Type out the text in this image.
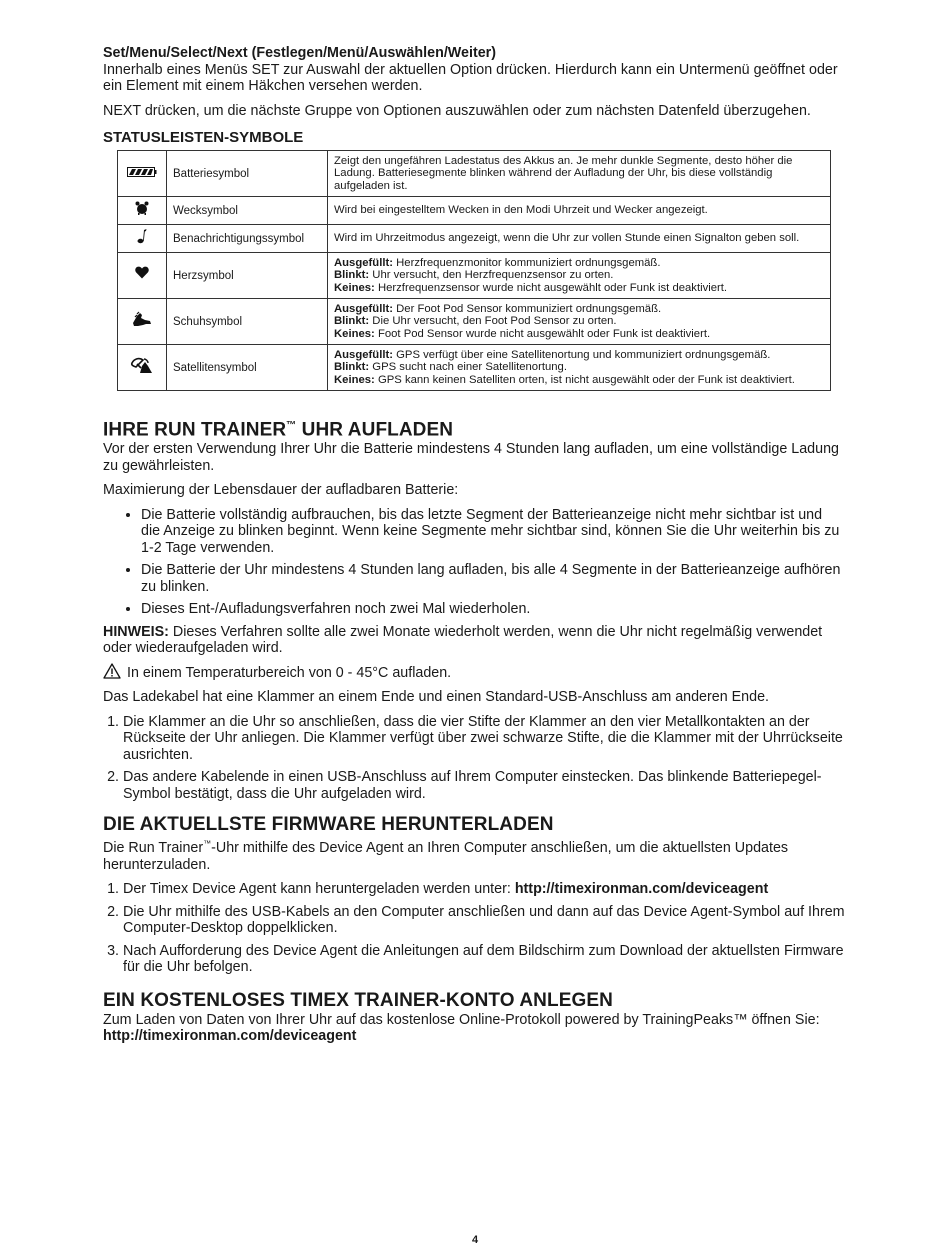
Set/Menu/Select/Next (Festlegen/Menü/Auswählen/Weiter)

Innerhalb eines Menüs SET zur Auswahl der aktuellen Option drücken. Hierdurch kann ein Untermenü geöffnet oder ein Element mit einem Häkchen versehen werden.

NEXT drücken, um die nächste Gruppe von Optionen auszuwählen oder zum nächsten Datenfeld überzugehen.

STATUSLEISTEN-SYMBOLE
	Batteriesymbol	Zeigt den ungefähren Ladestatus des Akkus an. Je mehr dunkle Segmente, desto höher die Ladung. Batteriesegmente blinken während der Aufladung der Uhr, bis diese vollständig aufgeladen ist.
	Wecksymbol	Wird bei eingestelltem Wecken in den Modi Uhrzeit und Wecker angezeigt.
	Benachrichtigungssymbol	Wird im Uhrzeitmodus angezeigt, wenn die Uhr zur vollen Stunde einen Signalton geben soll.
	Herzsymbol	Ausgefüllt: Herzfrequenzmonitor kommuniziert ordnungsgemäß.
Blinkt: Uhr versucht, den Herzfrequenzsensor zu orten.
Keines: Herzfrequenzsensor wurde nicht ausgewählt oder Funk ist deaktiviert.

	Schuhsymbol	Ausgefüllt: Der Foot Pod Sensor kommuniziert ordnungsgemäß.
Blinkt: Die Uhr versucht, den Foot Pod Sensor zu orten.
Keines: Foot Pod Sensor wurde nicht ausgewählt oder Funk ist deaktiviert.

	Satellitensymbol	Ausgefüllt: GPS verfügt über eine Satellitenortung und kommuniziert ordnungsgemäß.
Blinkt: GPS sucht nach einer Satellitenortung.
Keines: GPS kann keinen Satelliten orten, ist nicht ausgewählt oder der Funk ist deaktiviert.
IHRE RUN TRAINER™ UHR AUFLADEN

Vor der ersten Verwendung Ihrer Uhr die Batterie mindestens 4 Stunden lang aufladen, um eine vollständige Ladung zu gewährleisten.

Maximierung der Lebensdauer der aufladbaren Batterie:

• Die Batterie vollständig aufbrauchen, bis das letzte Segment der Batterieanzeige nicht mehr sichtbar ist und die Anzeige zu blinken beginnt. Wenn keine Segmente mehr sichtbar sind, können Sie die Uhr weiterhin bis zu 1-2 Tage verwenden.
• Die Batterie der Uhr mindestens 4 Stunden lang aufladen, bis alle 4 Segmente in der Batterieanzeige aufhören zu blinken.
• Dieses Ent-/Aufladungsverfahren noch zwei Mal wiederholen.

HINWEIS: Dieses Verfahren sollte alle zwei Monate wiederholt werden, wenn die Uhr nicht regelmäßig verwendet oder wiederaufgeladen wird.

In einem Temperaturbereich von 0 - 45°C aufladen.

Das Ladekabel hat eine Klammer an einem Ende und einen Standard-USB-Anschluss am anderen Ende.

1. Die Klammer an die Uhr so anschließen, dass die vier Stifte der Klammer an den vier Metallkontakten an der Rückseite der Uhr anliegen. Die Klammer verfügt über zwei schwarze Stifte, die die Klammer mit der Uhrrückseite ausrichten.
2. Das andere Kabelende in einen USB-Anschluss auf Ihrem Computer einstecken. Das blinkende Batteriepegel-Symbol bestätigt, dass die Uhr aufgeladen wird.
DIE AKTUELLSTE FIRMWARE HERUNTERLADEN

Die Run Trainer™-Uhr mithilfe des Device Agent an Ihren Computer anschließen, um die aktuellsten Updates herunterzuladen.

1. Der Timex Device Agent kann heruntergeladen werden unter: http://timexironman.com/deviceagent
2. Die Uhr mithilfe des USB-Kabels an den Computer anschließen und dann auf das Device Agent-Symbol auf Ihrem Computer-Desktop doppelklicken.
3. Nach Aufforderung des Device Agent die Anleitungen auf dem Bildschirm zum Download der aktuellsten Firmware für die Uhr befolgen.
EIN KOSTENLOSES TIMEX TRAINER-KONTO ANLEGEN

Zum Laden von Daten von Ihrer Uhr auf das kostenlose Online-Protokoll powered by TrainingPeaks™ öffnen Sie:

http://timexironman.com/deviceagent

4
